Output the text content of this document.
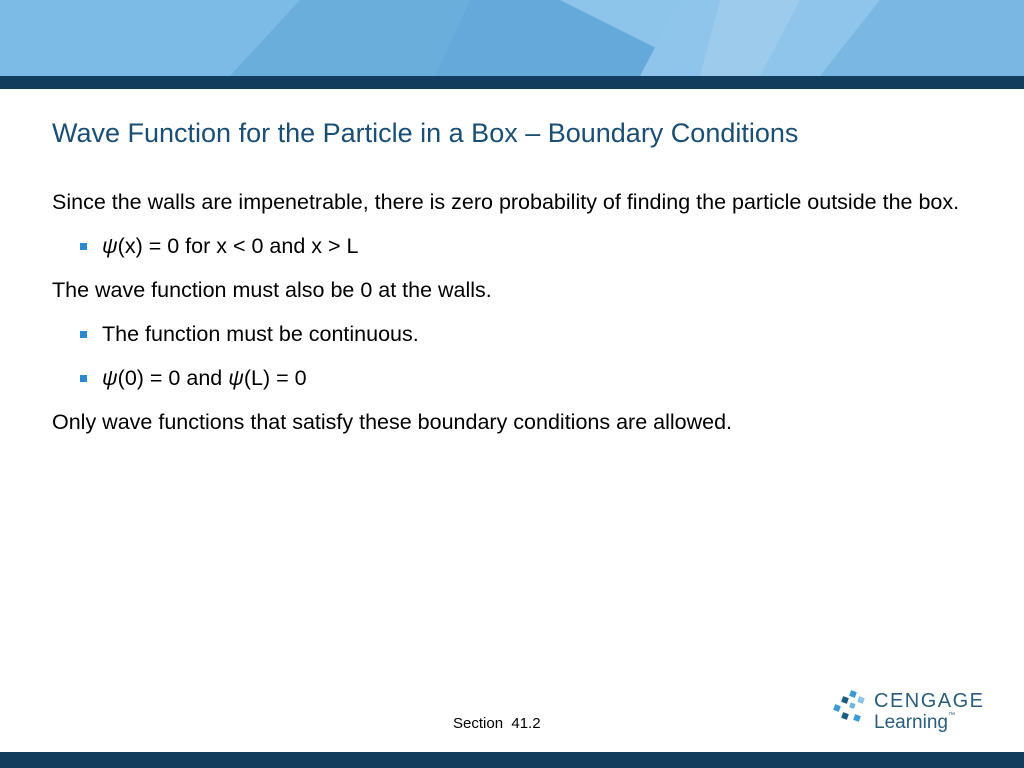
Wave Function for the Particle in a Box – Boundary Conditions

Since the walls are impenetrable, there is zero probability of finding the particle outside the box.

ψ(x) = 0 for x < 0 and x > L

The wave function must also be 0 at the walls.

The function must be continuous.

ψ(0) = 0 and ψ(L) = 0

Only wave functions that satisfy these boundary conditions are allowed.

Section  41.2
CENGAGE
Learning™
